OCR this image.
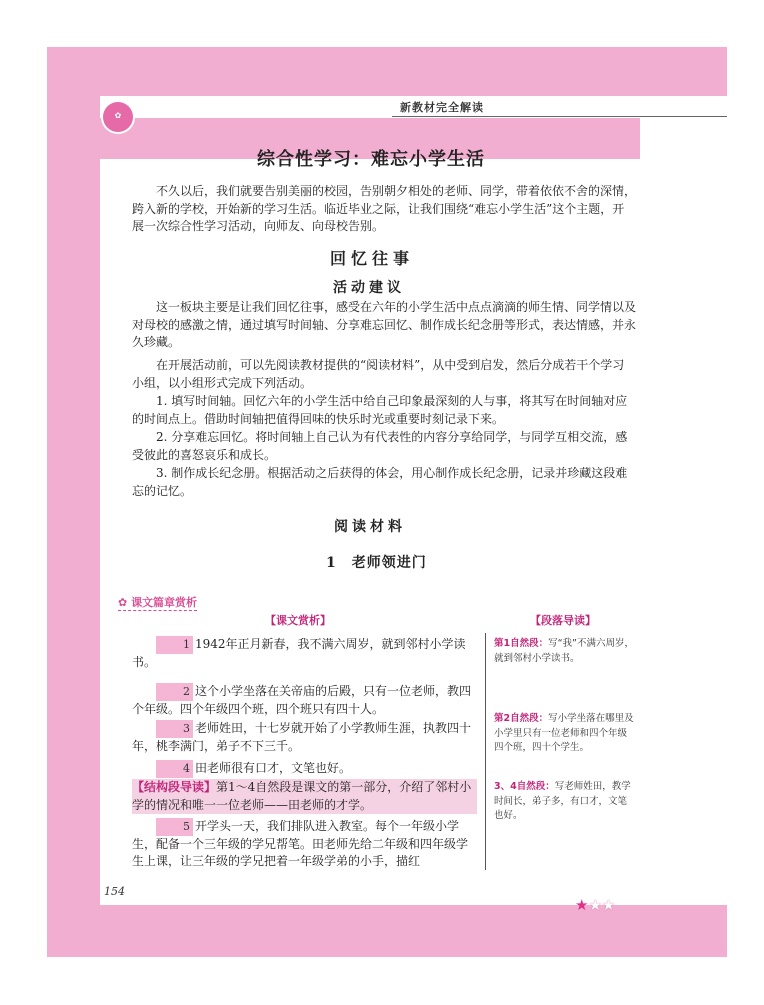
✿
新教材完全解读
综合性学习：难忘小学生活
不久以后，我们就要告别美丽的校园，告别朝夕相处的老师、同学，带着依依不舍的深情，跨入新的学校，开始新的学习生活。临近毕业之际，让我们围绕“难忘小学生活”这个主题，开展一次综合性学习活动，向师友、向母校告别。
回忆往事
活动建议
这一板块主要是让我们回忆往事，感受在六年的小学生活中点点滴滴的师生情、同学情以及对母校的感激之情，通过填写时间轴、分享难忘回忆、制作成长纪念册等形式，表达情感，并永久珍藏。
在开展活动前，可以先阅读教材提供的“阅读材料”，从中受到启发，然后分成若干个学习小组，以小组形式完成下列活动。
1. 填写时间轴。回忆六年的小学生活中给自己印象最深刻的人与事，将其写在时间轴对应的时间点上。借助时间轴把值得回味的快乐时光或重要时刻记录下来。
2. 分享难忘回忆。将时间轴上自己认为有代表性的内容分享给同学，与同学互相交流，感受彼此的喜怒哀乐和成长。
3. 制作成长纪念册。根据活动之后获得的体会，用心制作成长纪念册，记录并珍藏这段难忘的记忆。
阅读材料
1　老师领进门
✿ 课文篇章赏析
【课文赏析】	【段落导读】
1 1942年正月新春，我不满六周岁，就到邻村小学读书。
2 这个小学坐落在关帝庙的后殿，只有一位老师，教四个年级。四个年级四个班，四个班只有四十人。
3 老师姓田，十七岁就开始了小学教师生涯，执教四十年，桃李满门，弟子不下三千。
4 田老师很有口才，文笔也好。
【结构段导读】第1～4自然段是课文的第一部分，介绍了邻村小学的情况和唯一一位老师——田老师的才学。
5 开学头一天，我们排队进入教室。每个一年级小学生，配备一个三年级的学兄帮笔。田老师先给二年级和四年级学生上课，让三年级的学兄把着一年级学弟的小手，描红
第1自然段：写“我”不满六周岁，就到邻村小学读书。
第2自然段：写小学坐落在哪里及小学里只有一位老师和四个年级四个班，四十个学生。
3、4自然段：写老师姓田，教学时间长，弟子多，有口才，文笔也好。
154
★★★
